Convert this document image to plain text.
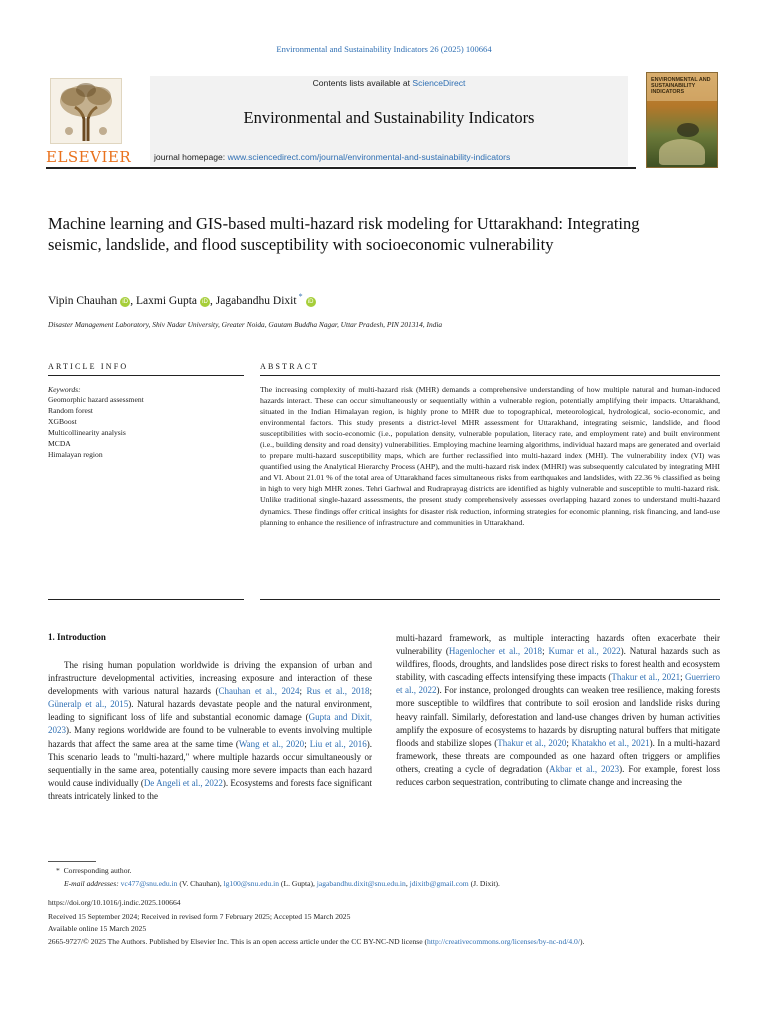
Environmental and Sustainability Indicators 26 (2025) 100664
ELSEVIER
Contents lists available at ScienceDirect
Environmental and Sustainability Indicators
journal homepage: www.sciencedirect.com/journal/environmental-and-sustainability-indicators
ENVIRONMENTAL AND SUSTAINABILITY INDICATORS
Machine learning and GIS-based multi-hazard risk modeling for Uttarakhand: Integrating seismic, landslide, and flood susceptibility with socioeconomic vulnerability
Vipin Chauhan iD , Laxmi Gupta iD , Jagabandhu Dixit *iD
Disaster Management Laboratory, Shiv Nadar University, Greater Noida, Gautam Buddha Nagar, Uttar Pradesh, PIN 201314, India
ARTICLE INFO
Keywords:
Geomorphic hazard assessment
Random forest
XGBoost
Multicollinearity analysis
MCDA
Himalayan region
ABSTRACT
The increasing complexity of multi-hazard risk (MHR) demands a comprehensive understanding of how multiple natural and human-induced hazards interact. These can occur simultaneously or sequentially within a vulnerable region, potentially amplifying their impacts. Uttarakhand, situated in the Indian Himalayan region, is highly prone to MHR due to topographical, meteorological, hydrological, socio-economic, and environmental factors. This study presents a district-level MHR assessment for Uttarakhand, integrating seismic, landslide, and flood susceptibilities with socio-economic (i.e., population density, vulnerable population, literacy rate, and employment rate) and built environment (i.e., building density and road density) vulnerabilities. Employing machine learning algorithms, individual hazard maps are generated and overlaid to prepare multi-hazard susceptibility maps, which are further reclassified into multi-hazard index (MHI). The vulnerability index (VI) was quantified using the Analytical Hierarchy Process (AHP), and the multi-hazard risk index (MHRI) was subsequently calculated by integrating MHI and VI. About 21.01 % of the total area of Uttarakhand faces simultaneous risks from earthquakes and landslides, with 22.36 % classified as being in high to very high MHR zones. Tehri Garhwal and Rudraprayag districts are identified as highly vulnerable and susceptible to multi-hazard risk. Unlike traditional single-hazard assessments, the present study comprehensively assesses overlapping hazard zones to understand multi-hazard dynamics. These findings offer critical insights for disaster risk reduction, informing strategies for economic planning, risk financing, and land-use planning to enhance the resilience of infrastructure and communities in Uttarakhand.
1. Introduction

The rising human population worldwide is driving the expansion of urban and infrastructure developmental activities, increasing exposure and interaction of these developments with various natural hazards (Chauhan et al., 2024; Rus et al., 2018; Güneralp et al., 2015). Natural hazards devastate people and the natural environment, leading to significant loss of life and substantial economic damage (Gupta and Dixit, 2023). Many regions worldwide are found to be vulnerable to events involving multiple hazards that affect the same area at the same time (Wang et al., 2020; Liu et al., 2016). This scenario leads to "multi-hazard," where multiple hazards occur simultaneously or sequentially in the same area, potentially causing more severe impacts than each hazard would cause individually (De Angeli et al., 2022). Ecosystems and forests face significant threats intricately linked to the

multi-hazard framework, as multiple interacting hazards often exacerbate their vulnerability (Hagenlocher et al., 2018; Kumar et al., 2022). Natural hazards such as wildfires, floods, droughts, and landslides pose direct risks to forest health and ecosystem stability, with cascading effects intensifying these impacts (Thakur et al., 2021; Guerriero et al., 2022). For instance, prolonged droughts can weaken tree resilience, making forests more susceptible to wildfires that contribute to soil erosion and landslide risks during heavy rainfall. Similarly, deforestation and land-use changes driven by human activities amplify the exposure of ecosystems to hazards by disrupting natural buffers that mitigate floods and stabilize slopes (Thakur et al., 2020; Khatakho et al., 2021). In a multi-hazard framework, these threats are compounded as one hazard often triggers or amplifies others, creating a cycle of degradation (Akbar et al., 2023). For example, forest loss reduces carbon sequestration, contributing to climate change and increasing the

* Corresponding author.
E-mail addresses: vc477@snu.edu.in (V. Chauhan), lg100@snu.edu.in (L. Gupta), jagabandhu.dixit@snu.edu.in, jdixitb@gmail.com (J. Dixit).
https://doi.org/10.1016/j.indic.2025.100664
Received 15 September 2024; Received in revised form 7 February 2025; Accepted 15 March 2025
Available online 15 March 2025
2665-9727/© 2025 The Authors. Published by Elsevier Inc. This is an open access article under the CC BY-NC-ND license (http://creativecommons.org/licenses/by-nc-nd/4.0/).
